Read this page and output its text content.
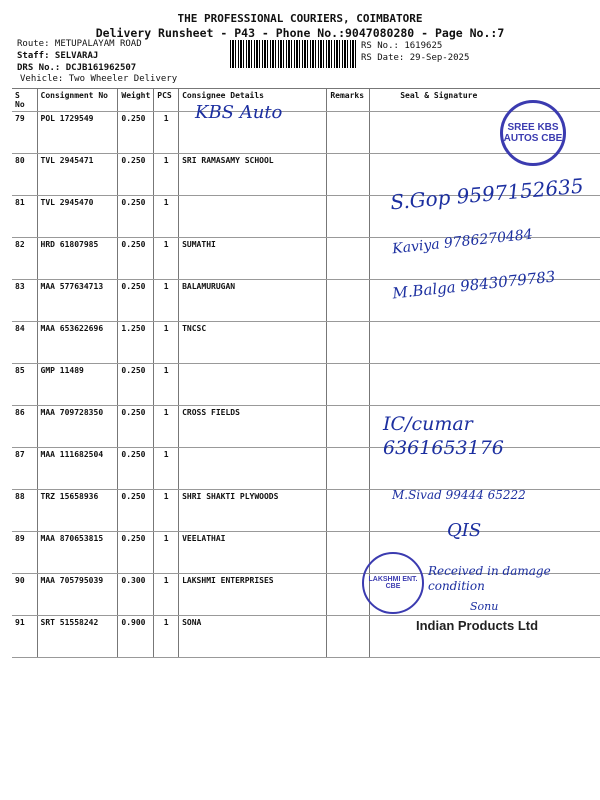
THE PROFESSIONAL COURIERS, COIMBATORE
Delivery Runsheet - P43 - Phone No.:9047080280 - Page No.:7
Route: METUPALAYAM ROAD
Staff: SELVARAJ
DRS No.: DCJB161962507
Vehicle: Two Wheeler Delivery
RS No.: 1619625
RS Date: 29-Sep-2025
S No	Consignment No	Weight	PCS	Consignee Details	Remarks	Seal & Signature
79	POL 1729549	0.250	1			
80	TVL 2945471	0.250	1	SRI RAMASAMY SCHOOL		
81	TVL 2945470	0.250	1			
82	HRD 61807985	0.250	1	SUMATHI		
83	MAA 577634713	0.250	1	BALAMURUGAN		
84	MAA 653622696	1.250	1	TNCSC		
85	GMP 11489	0.250	1			
86	MAA 709728350	0.250	1	CROSS FIELDS		
87	MAA 111682504	0.250	1			
88	TRZ 15658936	0.250	1	SHRI SHAKTI PLYWOODS		
89	MAA 870653815	0.250	1	VEELATHAI		
90	MAA 705795039	0.300	1	LAKSHMI ENTERPRISES		
91	SRT 51558242	0.900	1	SONA		
KBS Auto
S.Gop 9597152635
Kaviya 9786270484
M.Balga 9843079783
IC/cumar 6361653176
M.Sivad 99444 65222
QIS
Received in damage condition
Sonu
SREE KBS AUTOS CBE
LAKSHMI ENT. CBE
Indian Products Ltd
